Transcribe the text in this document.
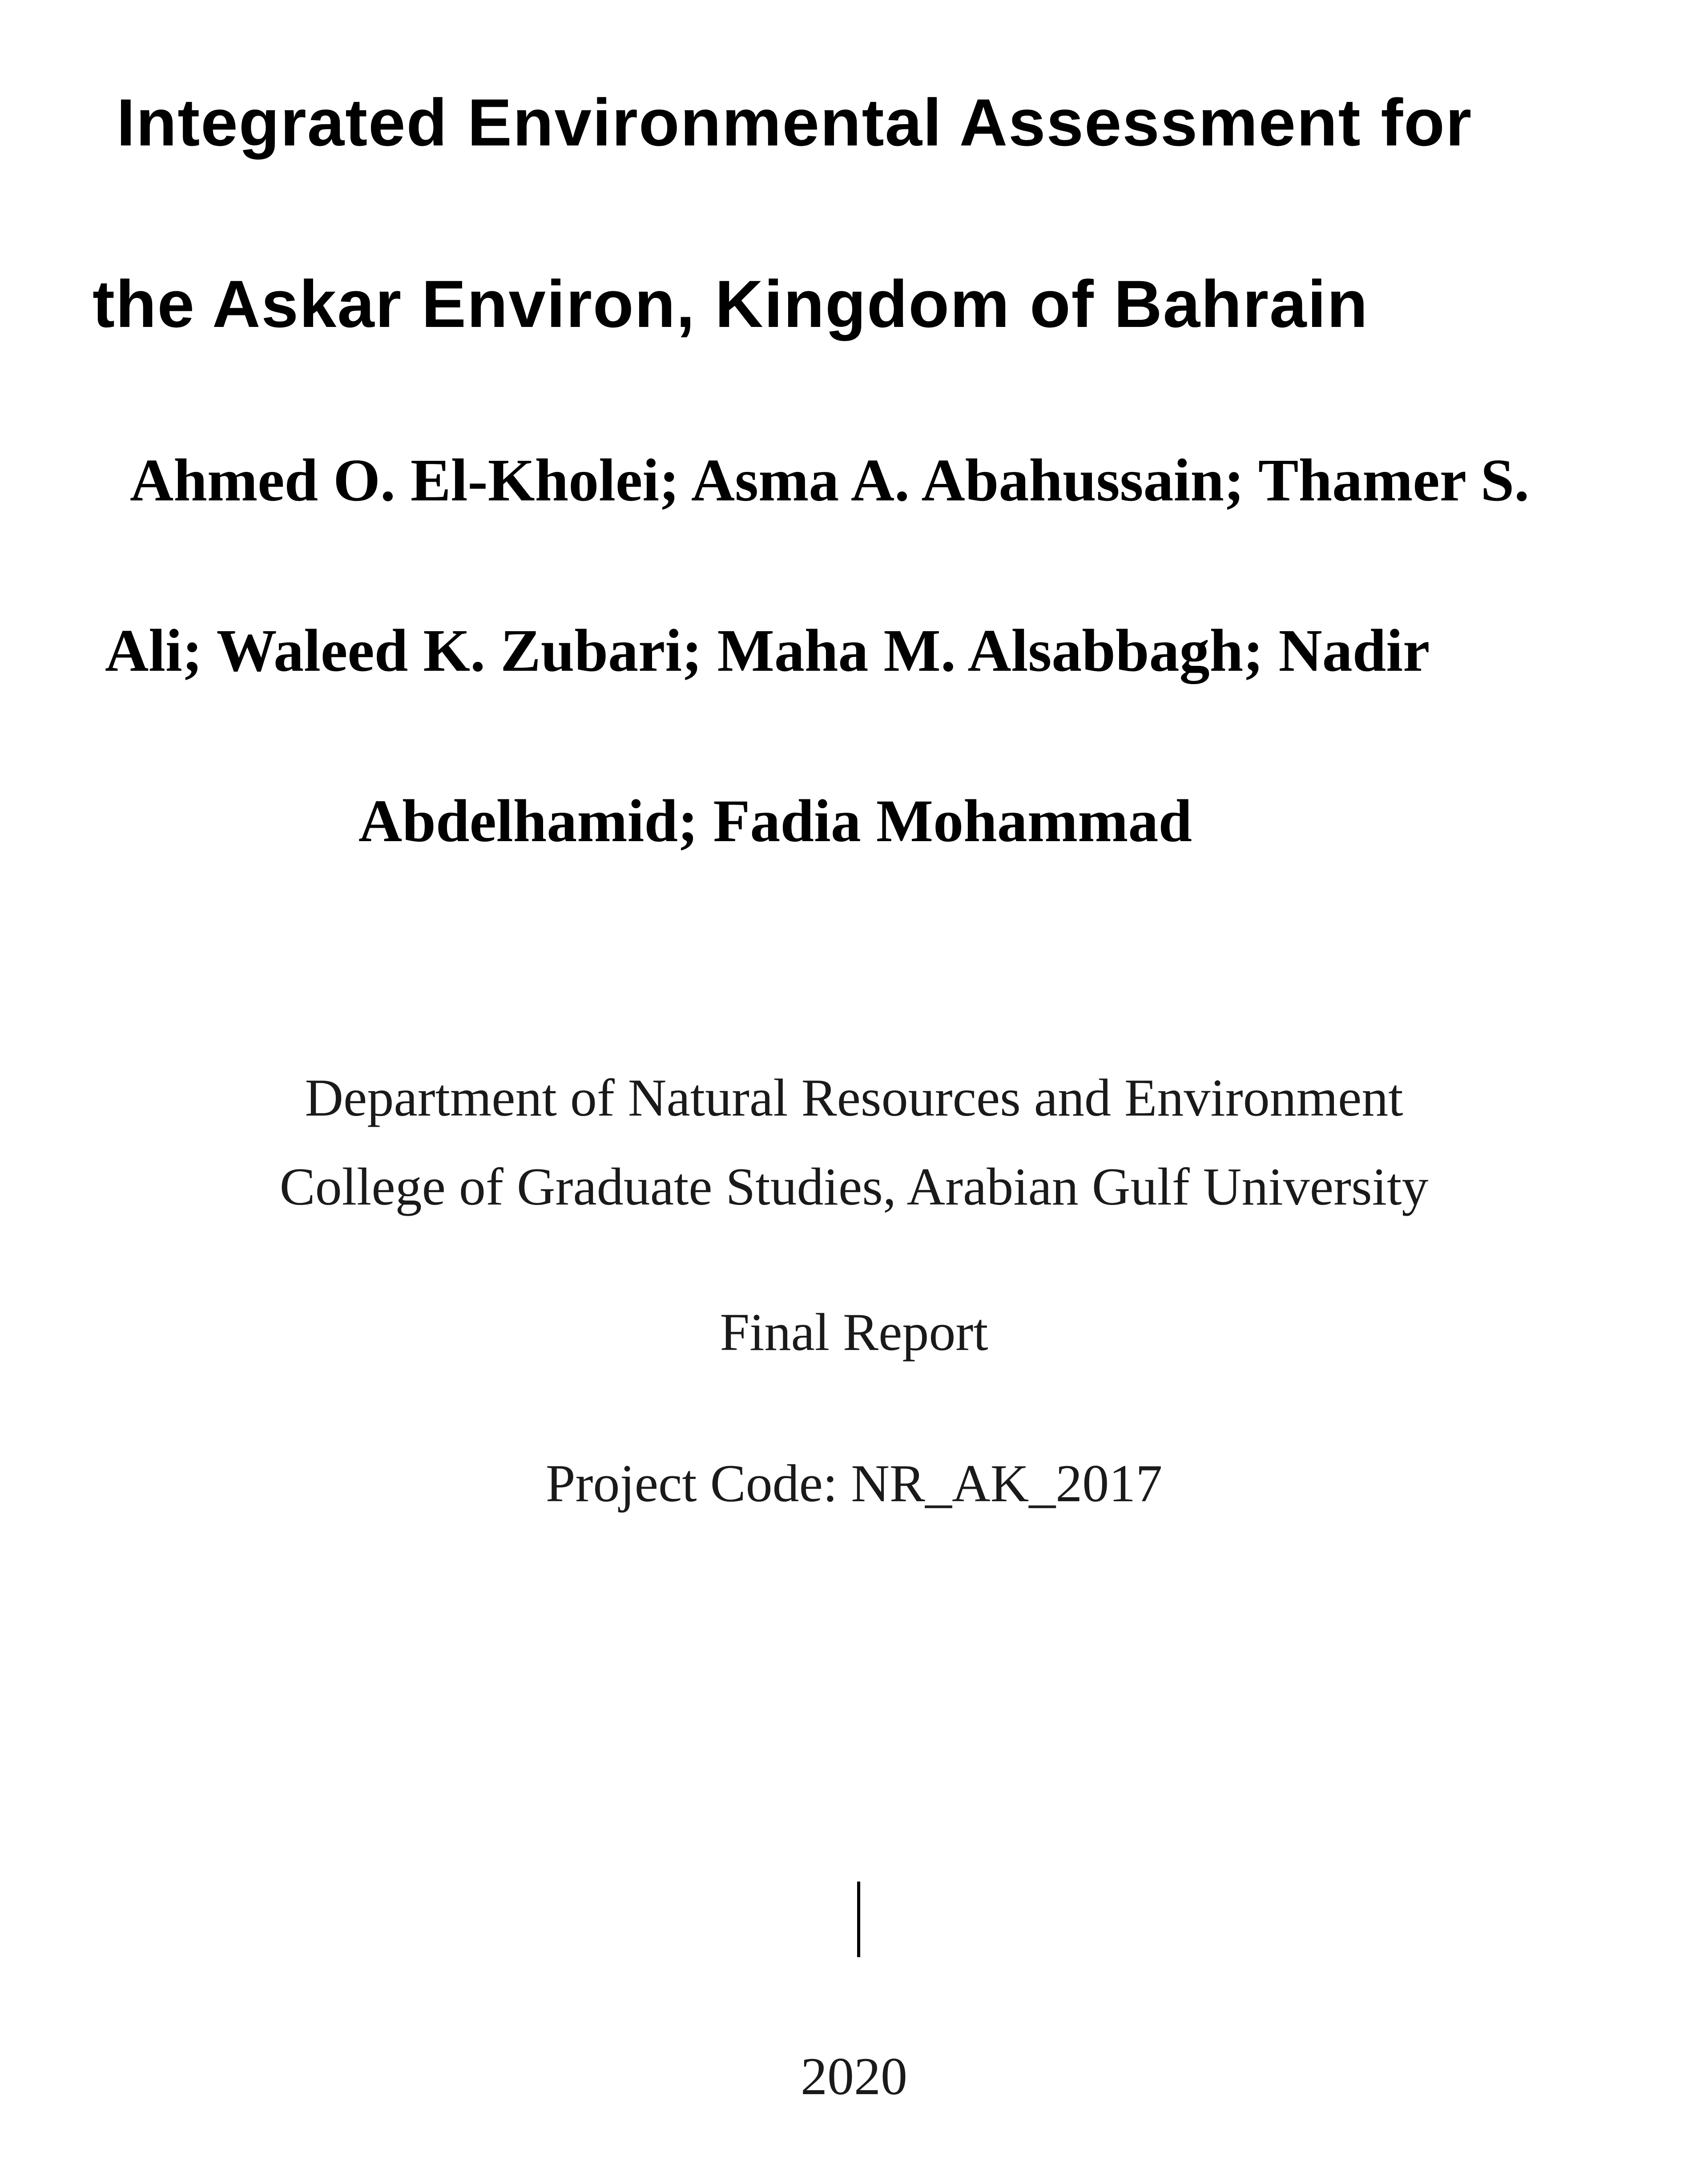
Integrated Environmental Assessment for
the Askar Environ, Kingdom of Bahrain
Ahmed O. El-Kholei; Asma A. Abahussain; Thamer S.
Ali; Waleed K. Zubari; Maha M. Alsabbagh; Nadir
Abdelhamid; Fadia Mohammad
Department of Natural Resources and Environment
College of Graduate Studies, Arabian Gulf University
Final Report
Project Code: NR_AK_2017
2020
